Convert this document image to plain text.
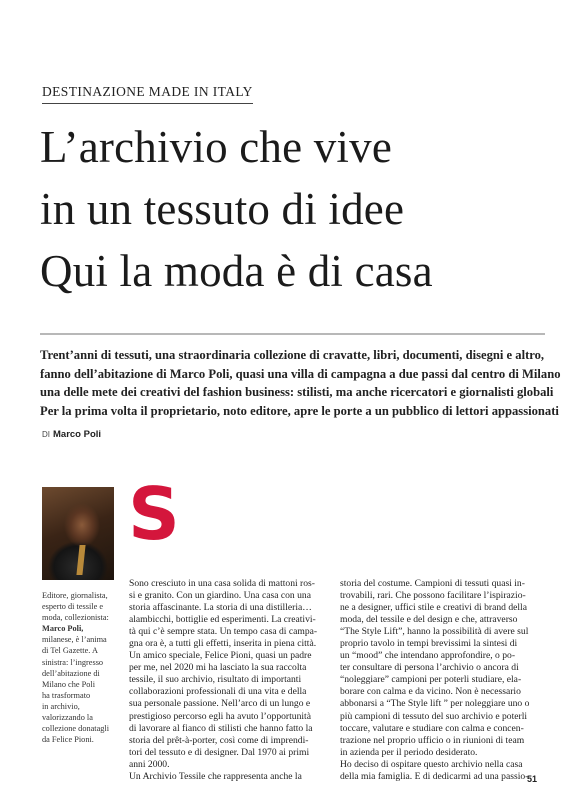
DESTINAZIONE MADE IN ITALY
L’archivio che vive
in un tessuto di idee
Qui la moda è di casa
Trent’anni di tessuti, una straordinaria collezione di cravatte, libri, documenti, disegni e altro,
fanno dell’abitazione di Marco Poli, quasi una villa di campagna a due passi dal centro di Milano
una delle mete dei creativi del fashion business: stilisti, ma anche ricercatori e giornalisti globali
Per la prima volta il proprietario, noto editore, apre le porte a un pubblico di lettori appassionati
DI Marco Poli
S
Editore, giornalista,
esperto di tessile e
moda, collezionista:
Marco Poli,
milanese, è l’anima
di Tel Gazette. A
sinistra: l’ingresso
dell’abitazione di
Milano che Poli
ha trasformato
in archivio,
valorizzando la
collezione donatagli
da Felice Pioni.
Sono cresciuto in una casa solida di mattoni ros-
si e granito. Con un giardino. Una casa con una
storia affascinante. La storia di una distilleria…
alambicchi, bottiglie ed esperimenti. La creativi-
tà qui c’è sempre stata. Un tempo casa di campa-
gna ora è, a tutti gli effetti, inserita in piena città.
Un amico speciale, Felice Pioni, quasi un padre
per me, nel 2020 mi ha lasciato la sua raccolta
tessile, il suo archivio, risultato di importanti
collaborazioni professionali di una vita e della
sua personale passione. Nell’arco di un lungo e
prestigioso percorso egli ha avuto l’opportunità
di lavorare al fianco di stilisti che hanno fatto la
storia del prêt-à-porter, così come di imprendi-
tori del tessuto e di designer. Dal 1970 ai primi
anni 2000.
Un Archivio Tessile che rappresenta anche la
storia del costume. Campioni di tessuti quasi in-
trovabili, rari. Che possono facilitare l’ispirazio-
ne a designer, uffici stile e creativi di brand della
moda, del tessile e del design e che, attraverso
“The Style Lift”, hanno la possibilità di avere sul
proprio tavolo in tempi brevissimi la sintesi di
un “mood” che intendano approfondire, o po-
ter consultare di persona l’archivio o ancora di
“noleggiare” campioni per poterli studiare, ela-
borare con calma e da vicino. Non è necessario
abbonarsi a “The Style lift ” per noleggiare uno o
più campioni di tessuto del suo archivio e poterli
toccare, valutare e studiare con calma e concen-
trazione nel proprio ufficio o in riunioni di team
in azienda per il periodo desiderato.
Ho deciso di ospitare questo archivio nella casa
della mia famiglia. E di dedicarmi ad una passio-
51
